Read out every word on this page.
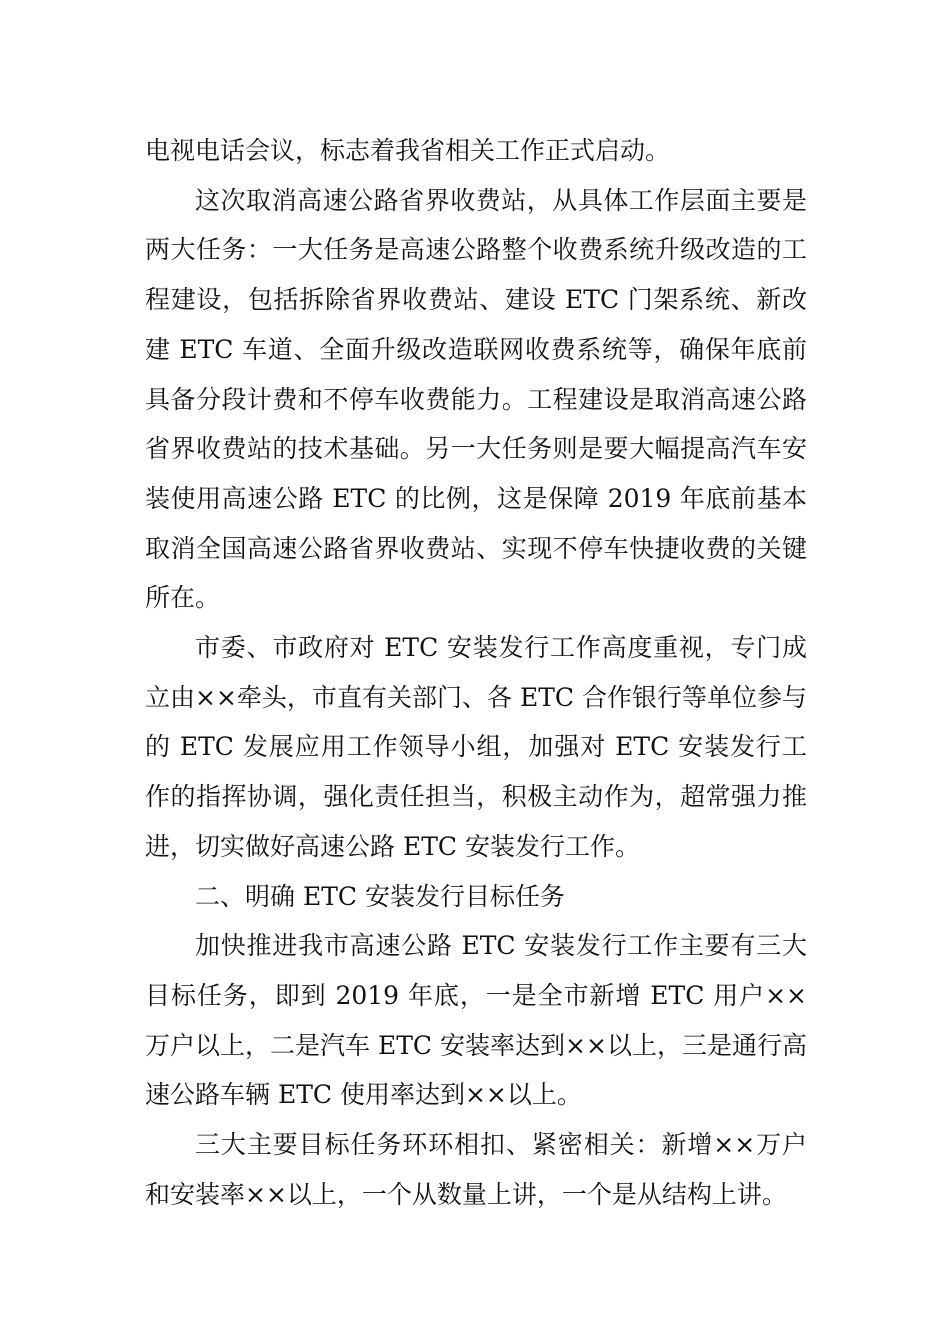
电视电话会议，标志着我省相关工作正式启动。

这次取消高速公路省界收费站，从具体工作层面主要是两大任务：一大任务是高速公路整个收费系统升级改造的工程建设，包括拆除省界收费站、建设 ETC 门架系统、新改建 ETC 车道、全面升级改造联网收费系统等，确保年底前具备分段计费和不停车收费能力。工程建设是取消高速公路省界收费站的技术基础。另一大任务则是要大幅提高汽车安装使用高速公路 ETC 的比例，这是保障 2019 年底前基本取消全国高速公路省界收费站、实现不停车快捷收费的关键所在。

市委、市政府对 ETC 安装发行工作高度重视，专门成立由××牵头，市直有关部门、各 ETC 合作银行等单位参与的 ETC 发展应用工作领导小组，加强对 ETC 安装发行工作的指挥协调，强化责任担当，积极主动作为，超常强力推进，切实做好高速公路 ETC 安装发行工作。

二、明确 ETC 安装发行目标任务

加快推进我市高速公路 ETC 安装发行工作主要有三大目标任务，即到 2019 年底，一是全市新增 ETC 用户××万户以上，二是汽车 ETC 安装率达到××以上，三是通行高速公路车辆 ETC 使用率达到××以上。

三大主要目标任务环环相扣、紧密相关：新增××万户和安装率××以上，一个从数量上讲，一个是从结构上讲。
